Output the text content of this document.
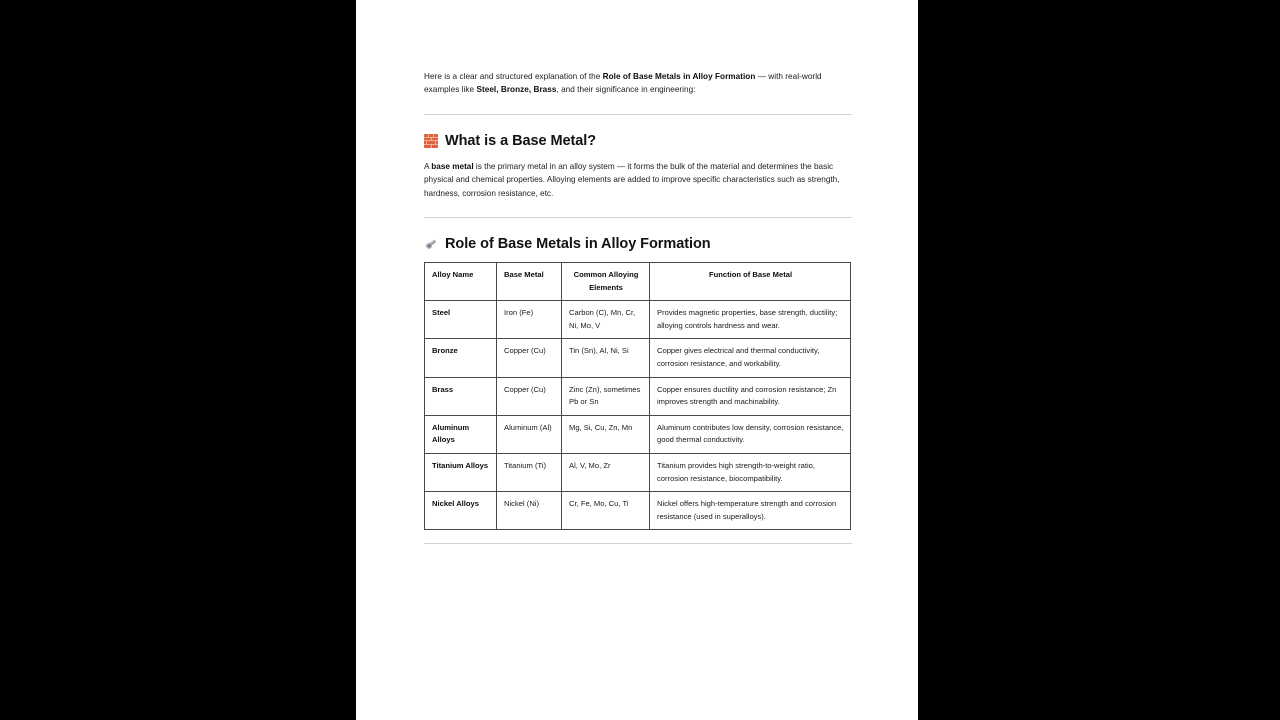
Here is a clear and structured explanation of the Role of Base Metals in Alloy Formation — with real-world examples like Steel, Bronze, Brass, and their significance in engineering:

What is a Base Metal?

A base metal is the primary metal in an alloy system — it forms the bulk of the material and determines the basic physical and chemical properties. Alloying elements are added to improve specific characteristics such as strength, hardness, corrosion resistance, etc.

Role of Base Metals in Alloy Formation
Alloy Name	Base Metal	Common Alloying Elements	Function of Base Metal
Steel	Iron (Fe)	Carbon (C), Mn, Cr, Ni, Mo, V	Provides magnetic properties, base strength, ductility; alloying controls hardness and wear.
Bronze	Copper (Cu)	Tin (Sn), Al, Ni, Si	Copper gives electrical and thermal conductivity, corrosion resistance, and workability.
Brass	Copper (Cu)	Zinc (Zn), sometimes Pb or Sn	Copper ensures ductility and corrosion resistance; Zn improves strength and machinability.
Aluminum Alloys	Aluminum (Al)	Mg, Si, Cu, Zn, Mn	Aluminum contributes low density, corrosion resistance, good thermal conductivity.
Titanium Alloys	Titanium (Ti)	Al, V, Mo, Zr	Titanium provides high strength-to-weight ratio, corrosion resistance, biocompatibility.
Nickel Alloys	Nickel (Ni)	Cr, Fe, Mo, Cu, Ti	Nickel offers high-temperature strength and corrosion resistance (used in superalloys).
